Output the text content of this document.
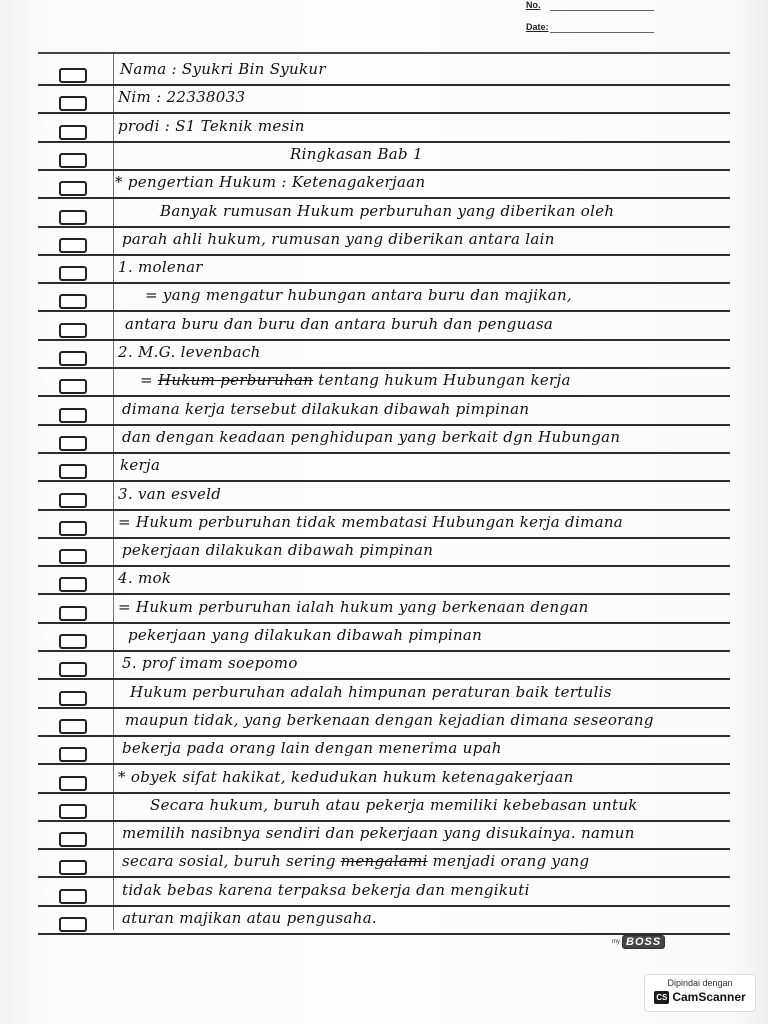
No.
Date:
Nama : Syukri Bin Syukur
Nim : 22338033
prodi : S1 Teknik mesin
Ringkasan Bab 1
* pengertian Hukum : Ketenagakerjaan
Banyak rumusan Hukum perburuhan yang diberikan oleh
parah ahli hukum, rumusan yang diberikan antara lain
1. molenar
= yang mengatur hubungan antara buru dan majikan,
antara buru dan buru dan antara buruh dan penguasa
2. M.G. levenbach
= Hukum perburuhan tentang hukum Hubungan kerja
dimana kerja tersebut dilakukan dibawah pimpinan
dan dengan keadaan penghidupan yang berkait dgn Hubungan
kerja
3. van esveld
= Hukum perburuhan tidak membatasi Hubungan kerja dimana
pekerjaan dilakukan dibawah pimpinan
4. mok
= Hukum perburuhan ialah hukum yang berkenaan dengan
pekerjaan yang dilakukan dibawah pimpinan
5. prof imam soepomo
Hukum perburuhan adalah himpunan peraturan baik tertulis
maupun tidak, yang berkenaan dengan kejadian dimana seseorang
bekerja pada orang lain dengan menerima upah
* obyek sifat hakikat, kedudukan hukum ketenagakerjaan
Secara hukum, buruh atau pekerja memiliki kebebasan untuk
memilih nasibnya sendiri dan pekerjaan yang disukainya. namun
secara sosial, buruh sering mengalami menjadi orang yang
tidak bebas karena terpaksa bekerja dan mengikuti
aturan majikan atau pengusaha.
my BOSS
Dipindai dengan
CS CamScanner
